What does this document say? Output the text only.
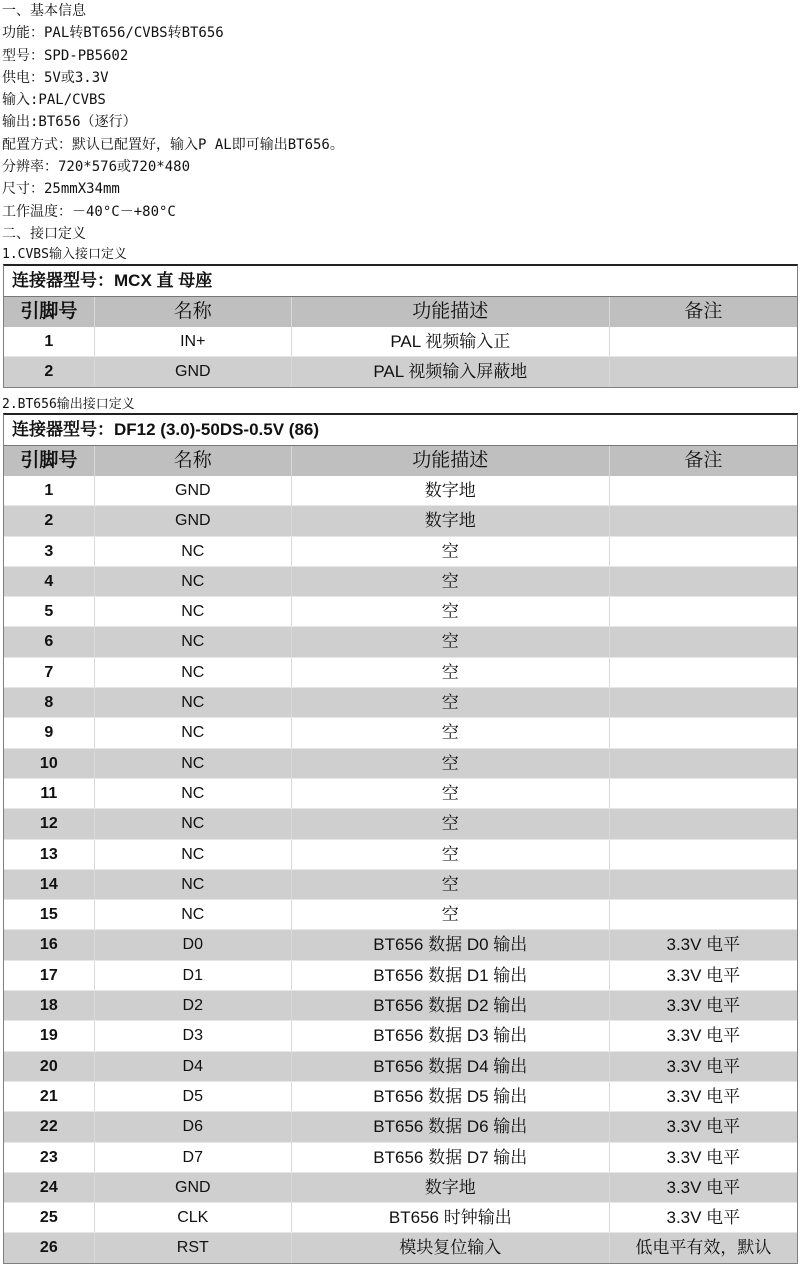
一、基本信息
功能：PAL转BT656/CVBS转BT656
型号：SPD-PB5602
供电：5V或3.3V
输入:PAL/CVBS
输出:BT656（逐行）
配置方式：默认已配置好，输入P AL即可输出BT656。
分辨率：720*576或720*480
尺寸：25mmX34mm
工作温度：－40°C－+80°C
二、接口定义
1.CVBS输入接口定义
连接器型号：MCX 直 母座
引脚号	名称	功能描述	备注
1	IN+	PAL 视频输入正
2	GND	PAL 视频输入屏蔽地
2.BT656输出接口定义
连接器型号：DF12 (3.0)-50DS-0.5V (86)
引脚号	名称	功能描述	备注
1	GND	数字地
2	GND	数字地
3	NC	空
4	NC	空
5	NC	空
6	NC	空
7	NC	空
8	NC	空
9	NC	空
10	NC	空
11	NC	空
12	NC	空
13	NC	空
14	NC	空
15	NC	空
16	D0	BT656 数据 D0 输出	3.3V 电平
17	D1	BT656 数据 D1 输出	3.3V 电平
18	D2	BT656 数据 D2 输出	3.3V 电平
19	D3	BT656 数据 D3 输出	3.3V 电平
20	D4	BT656 数据 D4 输出	3.3V 电平
21	D5	BT656 数据 D5 输出	3.3V 电平
22	D6	BT656 数据 D6 输出	3.3V 电平
23	D7	BT656 数据 D7 输出	3.3V 电平
24	GND	数字地	3.3V 电平
25	CLK	BT656 时钟输出	3.3V 电平
26	RST	模块复位输入	低电平有效，默认
